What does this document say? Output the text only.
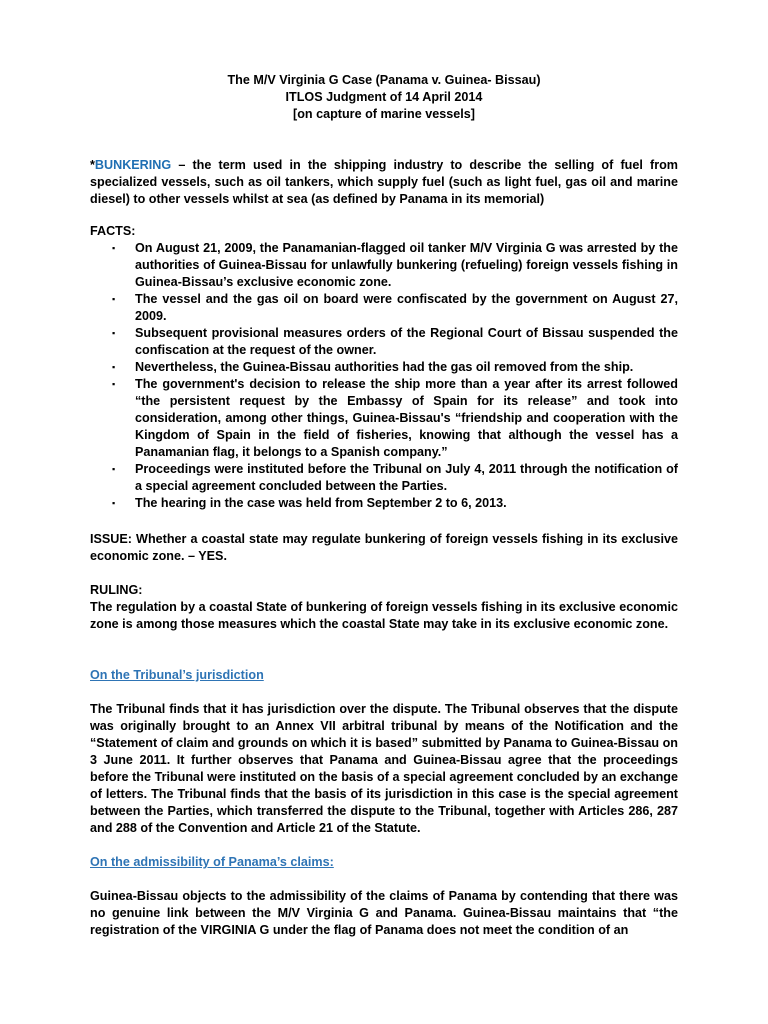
The M/V Virginia G Case (Panama v. Guinea- Bissau)
ITLOS Judgment of 14 April 2014
[on capture of marine vessels]
*BUNKERING – the term used in the shipping industry to describe the selling of fuel from specialized vessels, such as oil tankers, which supply fuel (such as light fuel, gas oil and marine diesel) to other vessels whilst at sea (as defined by Panama in its memorial)
FACTS:
▪ On August 21, 2009, the Panamanian-flagged oil tanker M/V Virginia G was arrested by the authorities of Guinea-Bissau for unlawfully bunkering (refueling) foreign vessels fishing in Guinea-Bissau’s exclusive economic zone.
▪ The vessel and the gas oil on board were confiscated by the government on August 27, 2009.
▪ Subsequent provisional measures orders of the Regional Court of Bissau suspended the confiscation at the request of the owner.
▪ Nevertheless, the Guinea-Bissau authorities had the gas oil removed from the ship.
▪ The government's decision to release the ship more than a year after its arrest followed “the persistent request by the Embassy of Spain for its release” and took into consideration, among other things, Guinea-Bissau's “friendship and cooperation with the Kingdom of Spain in the field of fisheries, knowing that although the vessel has a Panamanian flag, it belongs to a Spanish company.”
▪ Proceedings were instituted before the Tribunal on July 4, 2011 through the notification of a special agreement concluded between the Parties.
▪ The hearing in the case was held from September 2 to 6, 2013.
ISSUE: Whether a coastal state may regulate bunkering of foreign vessels fishing in its exclusive economic zone. – YES.
RULING:
The regulation by a coastal State of bunkering of foreign vessels fishing in its exclusive economic zone is among those measures which the coastal State may take in its exclusive economic zone.
On the Tribunal’s jurisdiction
The Tribunal finds that it has jurisdiction over the dispute. The Tribunal observes that the dispute was originally brought to an Annex VII arbitral tribunal by means of the Notification and the “Statement of claim and grounds on which it is based” submitted by Panama to Guinea-Bissau on 3 June 2011. It further observes that Panama and Guinea-Bissau agree that the proceedings before the Tribunal were instituted on the basis of a special agreement concluded by an exchange of letters. The Tribunal finds that the basis of its jurisdiction in this case is the special agreement between the Parties, which transferred the dispute to the Tribunal, together with Articles 286, 287 and 288 of the Convention and Article 21 of the Statute.
On the admissibility of Panama’s claims:
Guinea-Bissau objects to the admissibility of the claims of Panama by contending that there was no genuine link between the M/V Virginia G and Panama. Guinea-Bissau maintains that “the registration of the VIRGINIA G under the flag of Panama does not meet the condition of an
